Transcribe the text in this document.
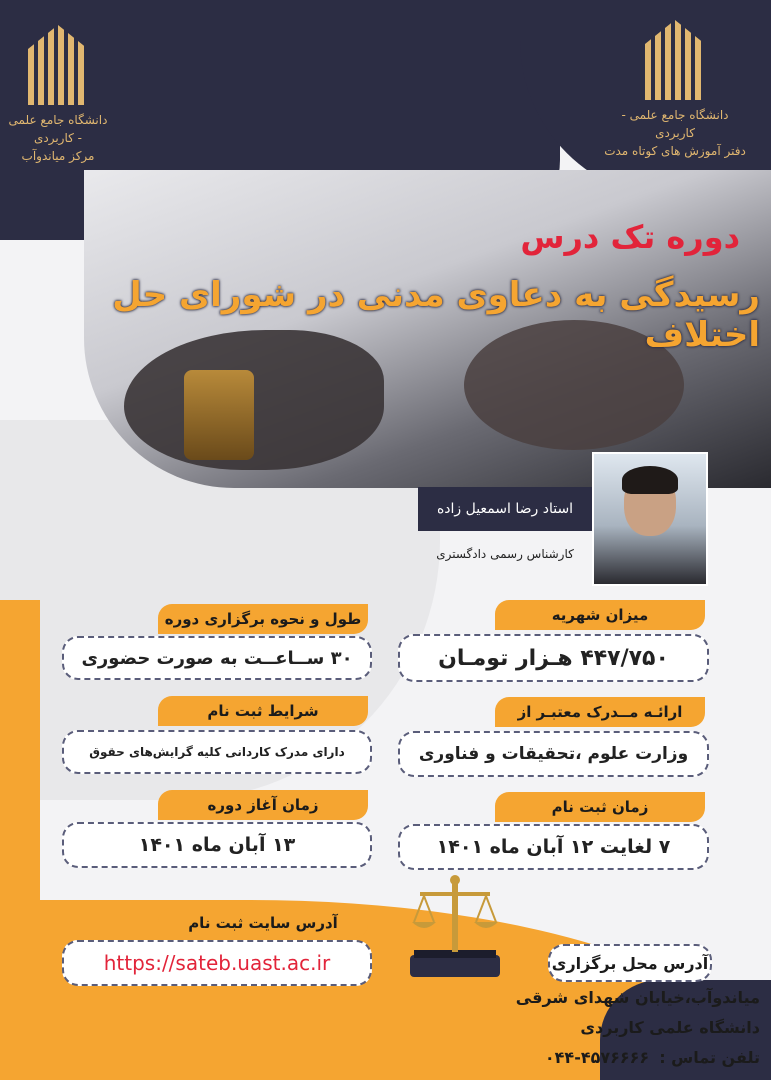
دانشگاه جامع علمی - کاربردی
مرکز میاندوآب
دانشگاه جامع علمی - کاربردی
دفتر آموزش های کوتاه مدت
دوره تک درس
رسیدگی به دعاوی مدنی در شورای حل اختلاف
استاد رضا اسمعیل زاده
کارشناس رسمی دادگستری
میزان شهریه
۴۴۷/۷۵۰ هـزار تومـان
ارائـه مــدرک معتبـر از
وزارت علوم ،تحقیقات و فناوری
زمان ثبت نام
۷ لغایت ۱۲ آبان ماه ۱۴۰۱
طول و نحوه برگزاری دوره
۳۰ ســاعــت به صورت حضوری
شرایط ثبت نام
دارای مدرک کاردانی کلیه گرایش‌های حقوق
زمان آغاز دوره
۱۳ آبان ماه ۱۴۰۱
آدرس سایت ثبت نام
https://sateb.uast.ac.ir	آدرس محل برگزاری
میاندوآب،خیابان شهدای شرقی
دانشگاه علمی کاربردی
تلفن تماس :
۰۴۴-۴۵۷۶۶۶۶
